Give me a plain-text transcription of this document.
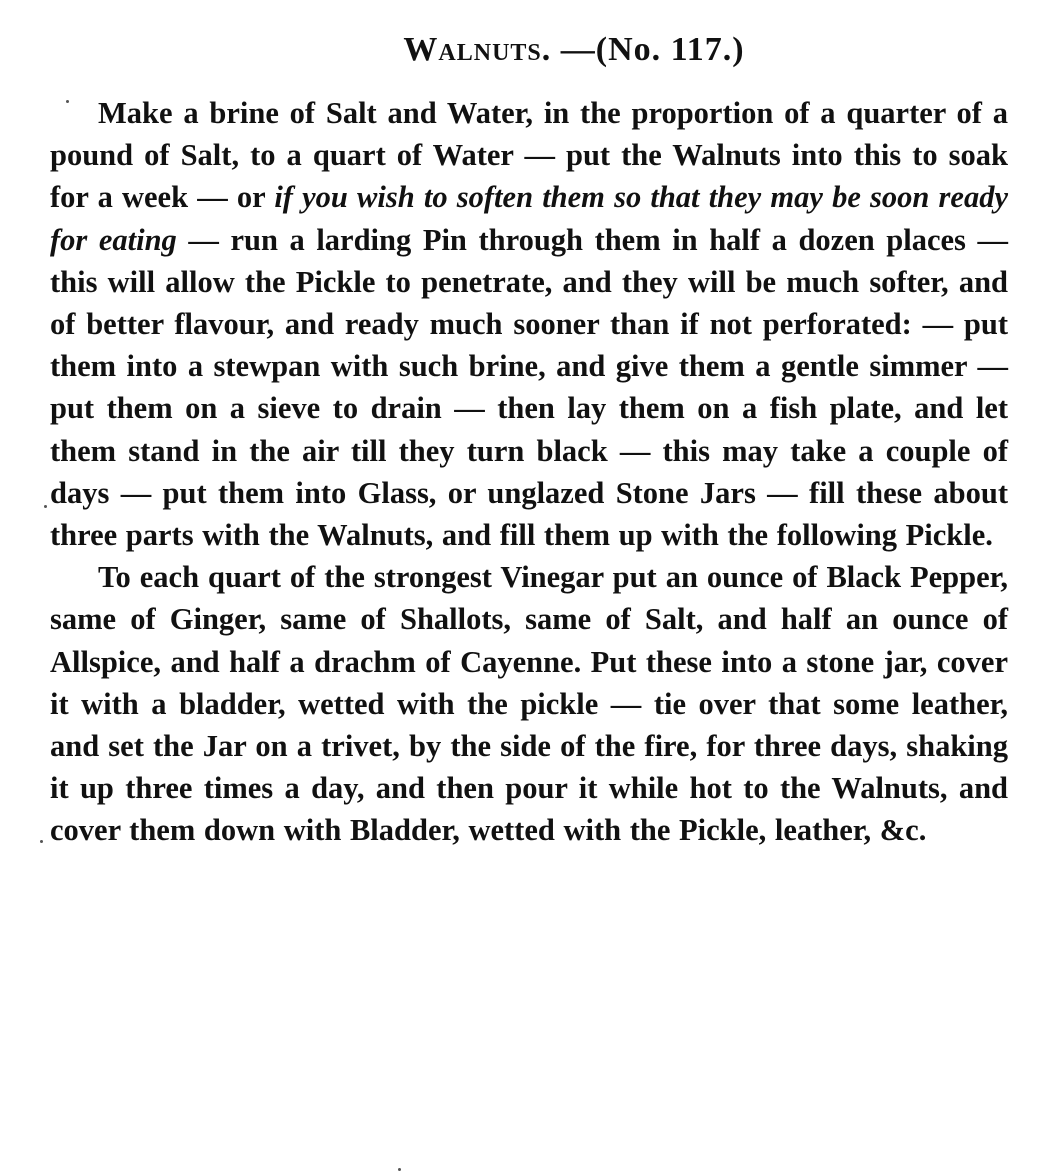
Walnuts. —(No. 117.)

Make a brine of Salt and Water, in the proportion of a quarter of a pound of Salt, to a quart of Water — put the Walnuts into this to soak for a week — or if you wish to soften them so that they may be soon ready for eating — run a larding Pin through them in half a dozen places — this will allow the Pickle to penetrate, and they will be much softer, and of better flavour, and ready much sooner than if not perforated: — put them into a stewpan with such brine, and give them a gentle simmer — put them on a sieve to drain — then lay them on a fish plate, and let them stand in the air till they turn black — this may take a couple of days — put them into Glass, or unglazed Stone Jars — fill these about three parts with the Walnuts, and fill them up with the following Pickle.

To each quart of the strongest Vinegar put an ounce of Black Pepper, same of Ginger, same of Shallots, same of Salt, and half an ounce of Allspice, and half a drachm of Cayenne. Put these into a stone jar, cover it with a bladder, wetted with the pickle — tie over that some leather, and set the Jar on a trivet, by the side of the fire, for three days, shaking it up three times a day, and then pour it while hot to the Walnuts, and cover them down with Bladder, wetted with the Pickle, leather, &c.
